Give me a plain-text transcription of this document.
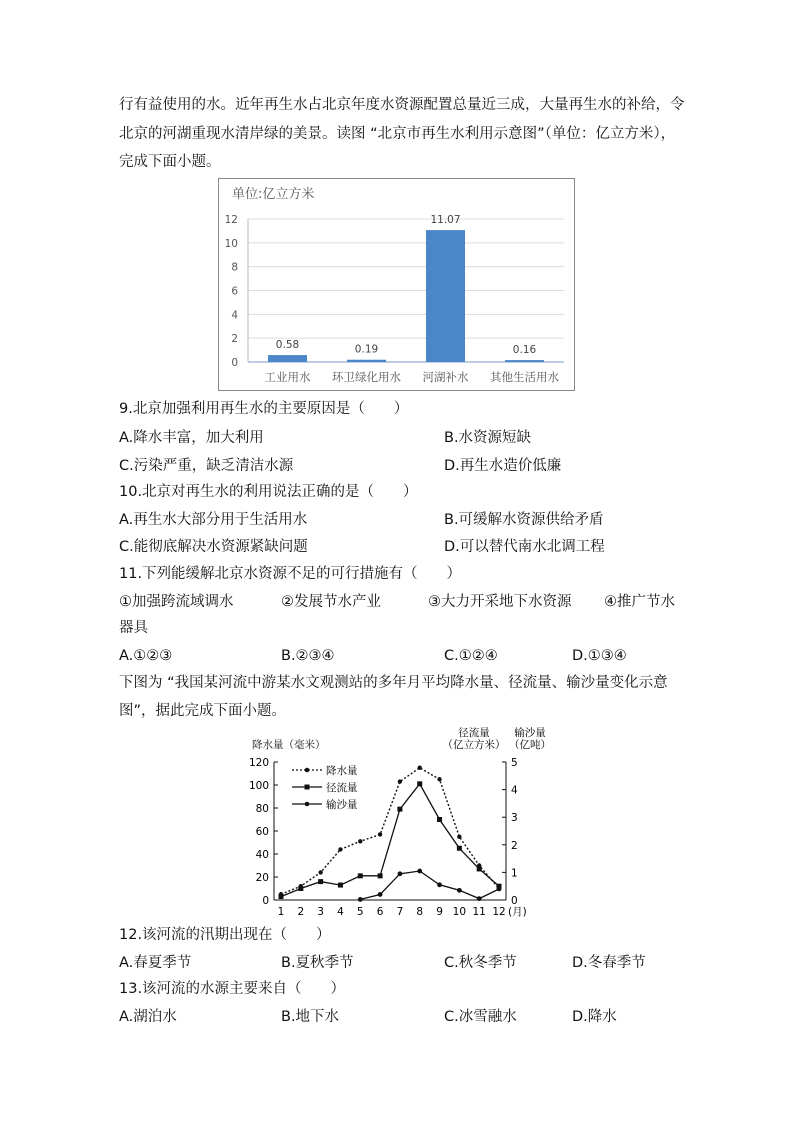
行有益使用的水。近年再生水占北京年度水资源配置总量近三成，大量再生水的补给，令
北京的河湖重现水清岸绿的美景。读图 “北京市再生水利用示意图”（单位：亿立方米），
完成下面小题。
单位:亿立方米
0
2
4
6
8
10
12
0.58
工业用水
0.19
环卫绿化用水
11.07
河湖补水
0.16
其他生活用水
9.北京加强利用再生水的主要原因是（　　）
A.降水丰富，加大利用	B.水资源短缺
C.污染严重，缺乏清洁水源	D.再生水造价低廉
10.北京对再生水的利用说法正确的是（　　）
A.再生水大部分用于生活用水	B.可缓解水资源供给矛盾
C.能彻底解决水资源紧缺问题	D.可以替代南水北调工程
11.下列能缓解北京水资源不足的可行措施有（　　）
①加强跨流域调水	②发展节水产业	③大力开采地下水资源 ④推广节水
器具
A.①②③	B.②③④	C.①②④	D.①③④
下图为 “我国某河流中游某水文观测站的多年月平均降水量、径流量、输沙量变化示意
图”，据此完成下面小题。
降水量（毫米）
径流量
（亿立方米）
输沙量
（亿吨）
0
20
40
60
80
100
120
0
1
2
3
4
5
1 2 3 4 5 6 7 8 9 10 11 12 (月)
降水量
径流量
输沙量
12.该河流的汛期出现在（　　）
A.春夏季节	B.夏秋季节	C.秋冬季节	D.冬春季节
13.该河流的水源主要来自（　　）
A.湖泊水	B.地下水	C.冰雪融水	D.降水
